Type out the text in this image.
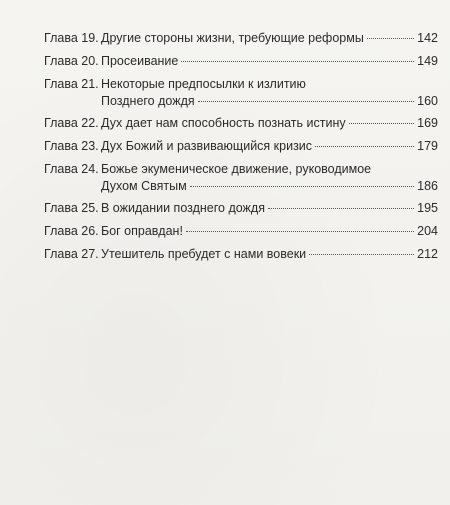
Глава 19. Другие стороны жизни, требующие реформы	142
Глава 20. Просеивание	149
Глава 21. Некоторые предпосылки к излитию
Позднего дождя	160
Глава 22. Дух дает нам способность познать истину	169
Глава 23. Дух Божий и развивающийся кризис	179
Глава 24. Божье экуменическое движение, руководимое
Духом Святым	186
Глава 25. В ожидании позднего дождя	195
Глава 26. Бог оправдан!	204
Глава 27. Утешитель пребудет с нами вовеки	212
